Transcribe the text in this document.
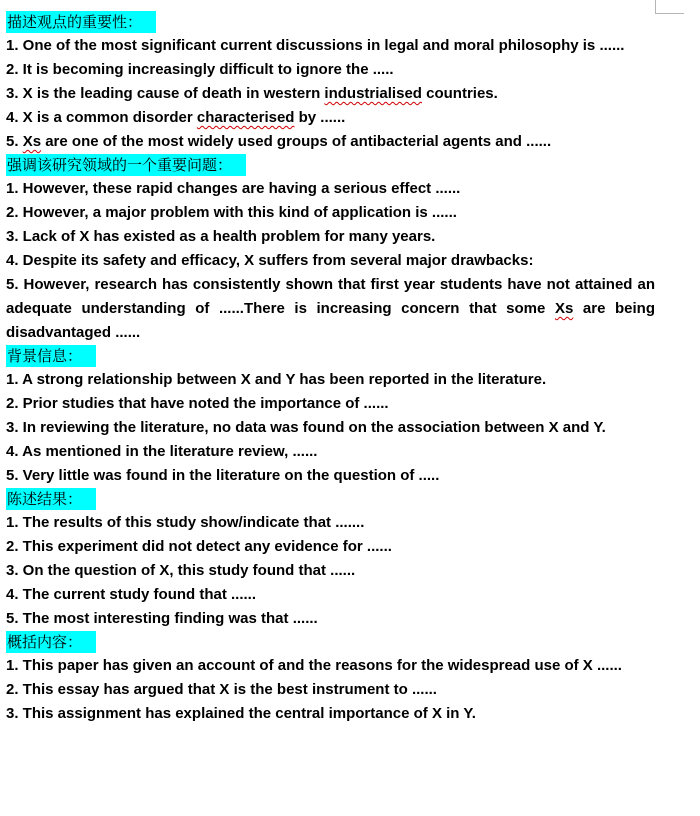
描述观点的重要性：

1. One of the most significant current discussions in legal and moral philosophy is ......

2. It is becoming increasingly difficult to ignore the .....

3. X is the leading cause of death in western industrialised countries.

4. X is a common disorder characterised by ......

5. Xs are one of the most widely used groups of antibacterial agents and ......

强调该研究领域的一个重要问题：

1. However, these rapid changes are having a serious effect ......

2. However, a major problem with this kind of application is ......

3. Lack of X has existed as a health problem for many years.

4. Despite its safety and efficacy, X suffers from several major drawbacks:

5. However, research has consistently shown that first year students have not attained an adequate understanding of ......There is increasing concern that some Xs are being disadvantaged ......

背景信息：

1. A strong relationship between X and Y has been reported in the literature.

2. Prior studies that have noted the importance of ......

3. In reviewing the literature, no data was found on the association between X and Y.

4. As mentioned in the literature review, ......

5. Very little was found in the literature on the question of .....

陈述结果：

1. The results of this study show/indicate that .......

2. This experiment did not detect any evidence for ......

3. On the question of X, this study found that ......

4. The current study found that ......

5. The most interesting finding was that ......

概括内容：

1. This paper has given an account of and the reasons for the widespread use of X ......

2. This essay has argued that X is the best instrument to ......

3. This assignment has explained the central importance of X in Y.
